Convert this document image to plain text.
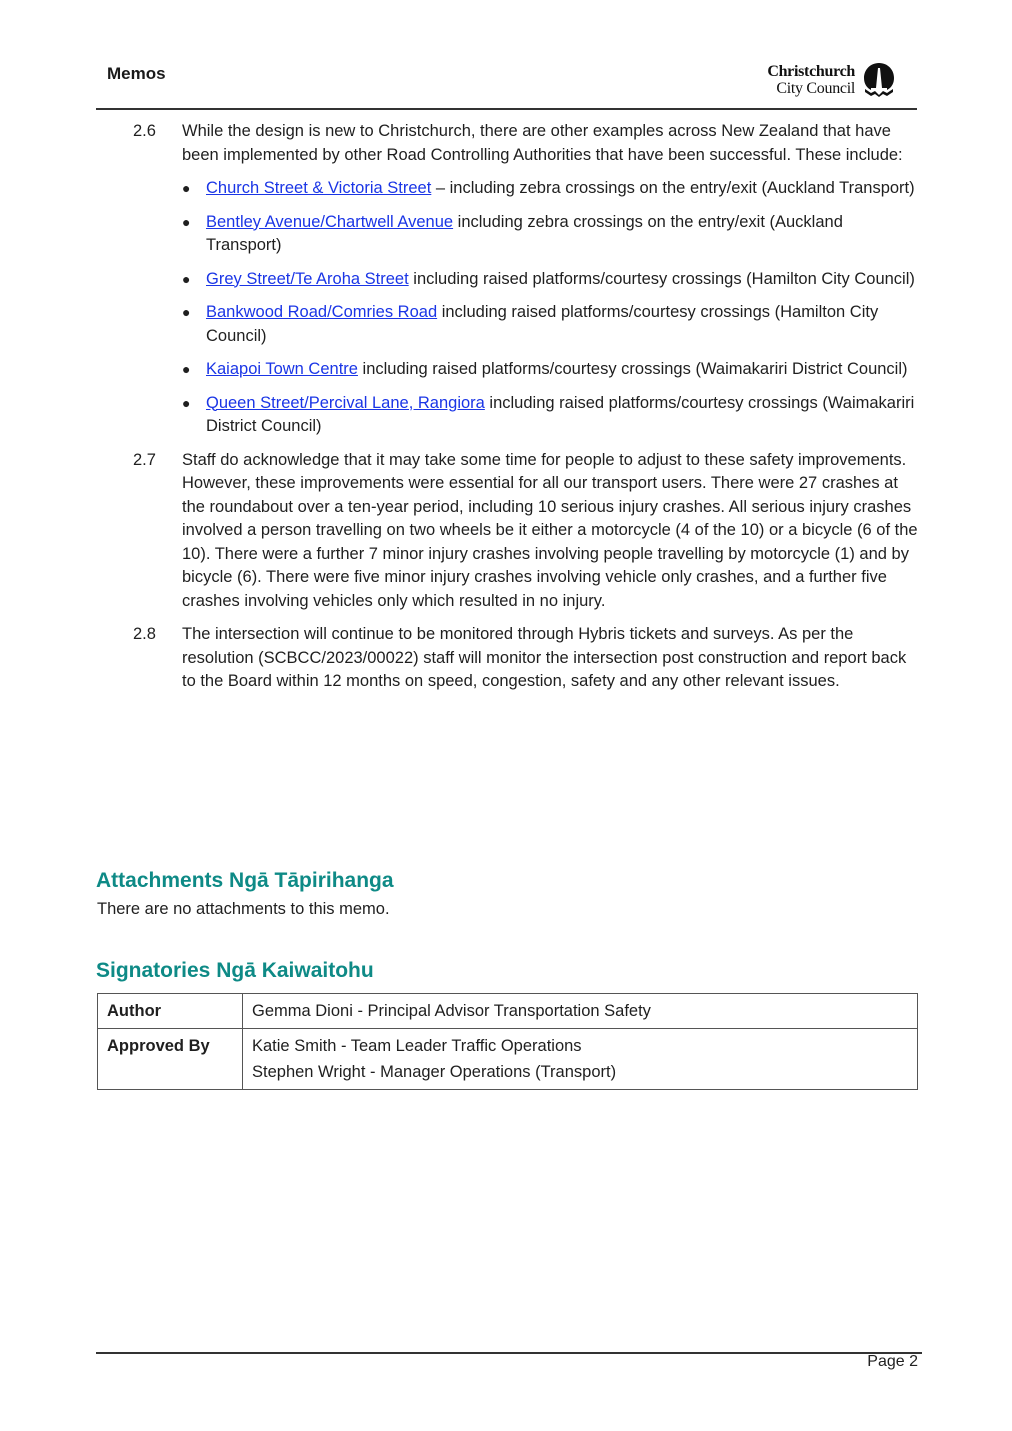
Memos	Christchurch
City Council
2.6 While the design is new to Christchurch, there are other examples across New Zealand that have been implemented by other Road Controlling Authorities that have been successful. These include:
● Church Street & Victoria Street – including zebra crossings on the entry/exit (Auckland Transport)
● Bentley Avenue/Chartwell Avenue including zebra crossings on the entry/exit (Auckland Transport)
● Grey Street/Te Aroha Street including raised platforms/courtesy crossings (Hamilton City Council)
● Bankwood Road/Comries Road including raised platforms/courtesy crossings (Hamilton City Council)
● Kaiapoi Town Centre including raised platforms/courtesy crossings (Waimakariri District Council)
● Queen Street/Percival Lane, Rangiora including raised platforms/courtesy crossings (Waimakariri District Council)
2.7 Staff do acknowledge that it may take some time for people to adjust to these safety improvements. However, these improvements were essential for all our transport users. There were 27 crashes at the roundabout over a ten-year period, including 10 serious injury crashes. All serious injury crashes involved a person travelling on two wheels be it either a motorcycle (4 of the 10) or a bicycle (6 of the 10). There were a further 7 minor injury crashes involving people travelling by motorcycle (1) and by bicycle (6). There were five minor injury crashes involving vehicle only crashes, and a further five crashes involving vehicles only which resulted in no injury.
2.8 The intersection will continue to be monitored through Hybris tickets and surveys. As per the resolution (SCBCC/2023/00022) staff will monitor the intersection post construction and report back to the Board within 12 months on speed, congestion, safety and any other relevant issues.
Attachments Ngā Tāpirihanga
There are no attachments to this memo.
Signatories Ngā Kaiwaitohu
Author	Gemma Dioni - Principal Advisor Transportation Safety

Approved By	Katie Smith - Team Leader Traffic Operations
Stephen Wright - Manager Operations (Transport)
Page 2
